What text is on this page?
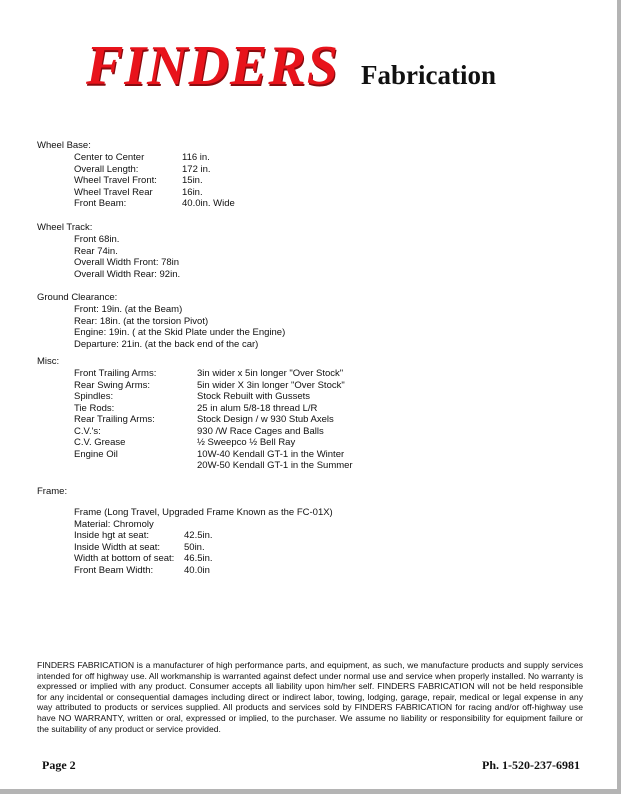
FINDERS Fabrication
Wheel Base:
Center to Center	116 in.
Overall Length:	172 in.
Wheel Travel Front:	15in.
Wheel Travel Rear	16in.
Front Beam:	40.0in. Wide
Wheel Track:
Front 68in.
Rear 74in.
Overall Width Front: 78in
Overall Width Rear: 92in.
Ground Clearance:
Front: 19in. (at the Beam)
Rear: 18in. (at the torsion Pivot)
Engine: 19in. ( at the Skid Plate under the Engine)
Departure: 21in. (at the back end of the car)
Misc:
Front Trailing Arms:	3in wider x 5in longer "Over Stock"
Rear Swing Arms:	5in wider X 3in longer "Over Stock"
Spindles:	Stock Rebuilt with Gussets
Tie Rods:	25 in alum 5/8-18 thread L/R
Rear Trailing Arms:	Stock Design / w 930 Stub Axels
C.V.'s:	930 /W Race Cages and Balls
C.V. Grease	½ Sweepco ½ Bell Ray
Engine Oil	10W-40 Kendall GT-1 in the Winter
20W-50 Kendall GT-1 in the Summer
Frame:
Frame (Long Travel, Upgraded Frame Known as the FC-01X)
Material: Chromoly
Inside hgt at seat:	42.5in.
Inside Width at seat:	50in.
Width at bottom of seat: 46.5in.
Front Beam Width:	40.0in
FINDERS FABRICATION is a manufacturer of high performance parts, and equipment, as such, we manufacture products and supply services intended for off highway use. All workmanship is warranted against defect under normal use and service when properly installed. No warranty is expressed or implied with any product. Consumer accepts all liability upon him/her self. FINDERS FABRICATION will not be held responsible for any incidental or consequential damages including direct or indirect labor, towing, lodging, garage, repair, medical or legal expense in any way attributed to products or services supplied. All products and services sold by FINDERS FABRICATION for racing and/or off-highway use have NO WARRANTY, written or oral, expressed or implied, to the purchaser. We assume no liability or responsibility for equipment failure or the suitability of any product or service provided.
Page 2	Ph. 1-520-237-6981
